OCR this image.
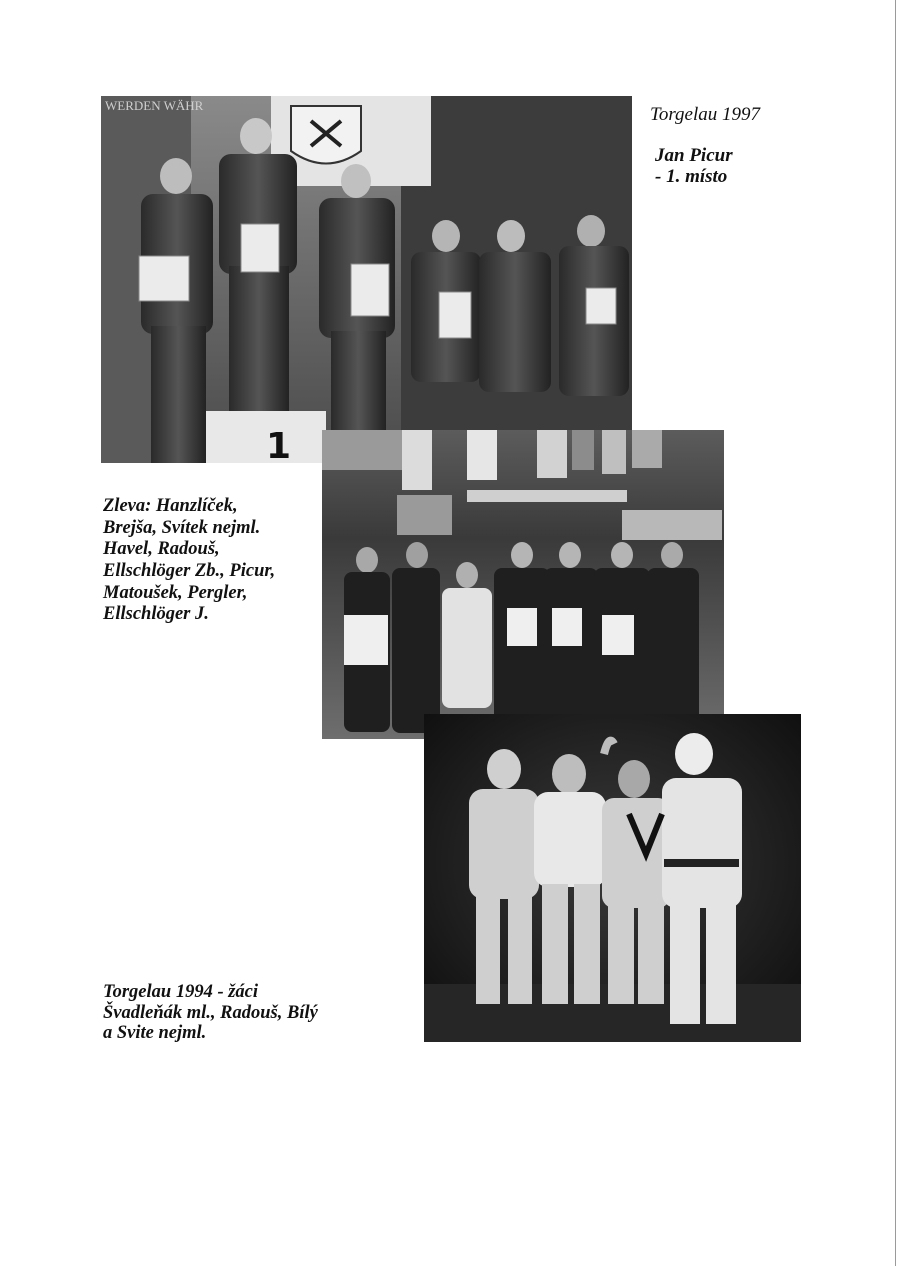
Torgelau 1997

Jan Picur
- 1. místo

Zleva: Hanzlíček,
Brejša, Svítek nejml.
Havel, Radouš,
Ellschlöger Zb., Picur,
Matoušek, Pergler,
Ellschlöger J.

Torgelau 1994 - žáci
Švadleňák ml., Radouš, Bílý
a Svite nejml.

WERDEN WÄHR
1
